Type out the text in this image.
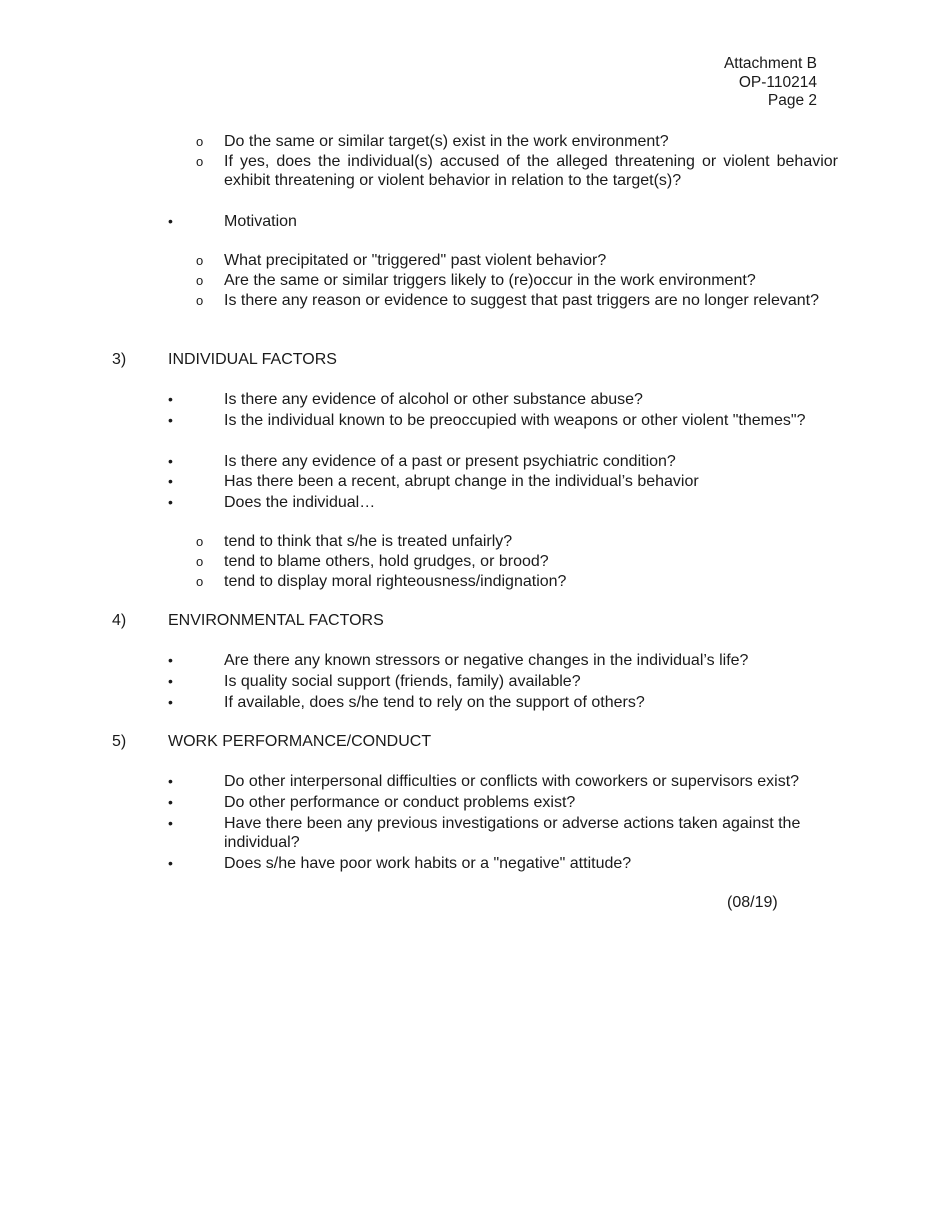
Attachment B
OP-110214
Page 2
o Do the same or similar target(s) exist in the work environment?
o If yes, does the individual(s) accused of the alleged threatening or violent behavior exhibit threatening or violent behavior in relation to the target(s)?
•	Motivation
o What precipitated or "triggered" past violent behavior?
o Are the same or similar triggers likely to (re)occur in the work environment?
o Is there any reason or evidence to suggest that past triggers are no longer relevant?
3)	INDIVIDUAL FACTORS
•	Is there any evidence of alcohol or other substance abuse?
•	Is the individual known to be preoccupied with weapons or other violent "themes"?
•	Is there any evidence of a past or present psychiatric condition?
•	Has there been a recent, abrupt change in the individual’s behavior
•	Does the individual…
o tend to think that s/he is treated unfairly?
o tend to blame others, hold grudges, or brood?
o tend to display moral righteousness/indignation?
4)	ENVIRONMENTAL FACTORS
•	Are there any known stressors or negative changes in the individual’s life?
•	Is quality social support (friends, family) available?
•	If available, does s/he tend to rely on the support of others?
5)	WORK PERFORMANCE/CONDUCT
•	Do other interpersonal difficulties or conflicts with coworkers or supervisors exist?
•	Do other performance or conduct problems exist?
•	Have there been any previous investigations or adverse actions taken against the individual?
•	Does s/he have poor work habits or a "negative" attitude?
(08/19)
